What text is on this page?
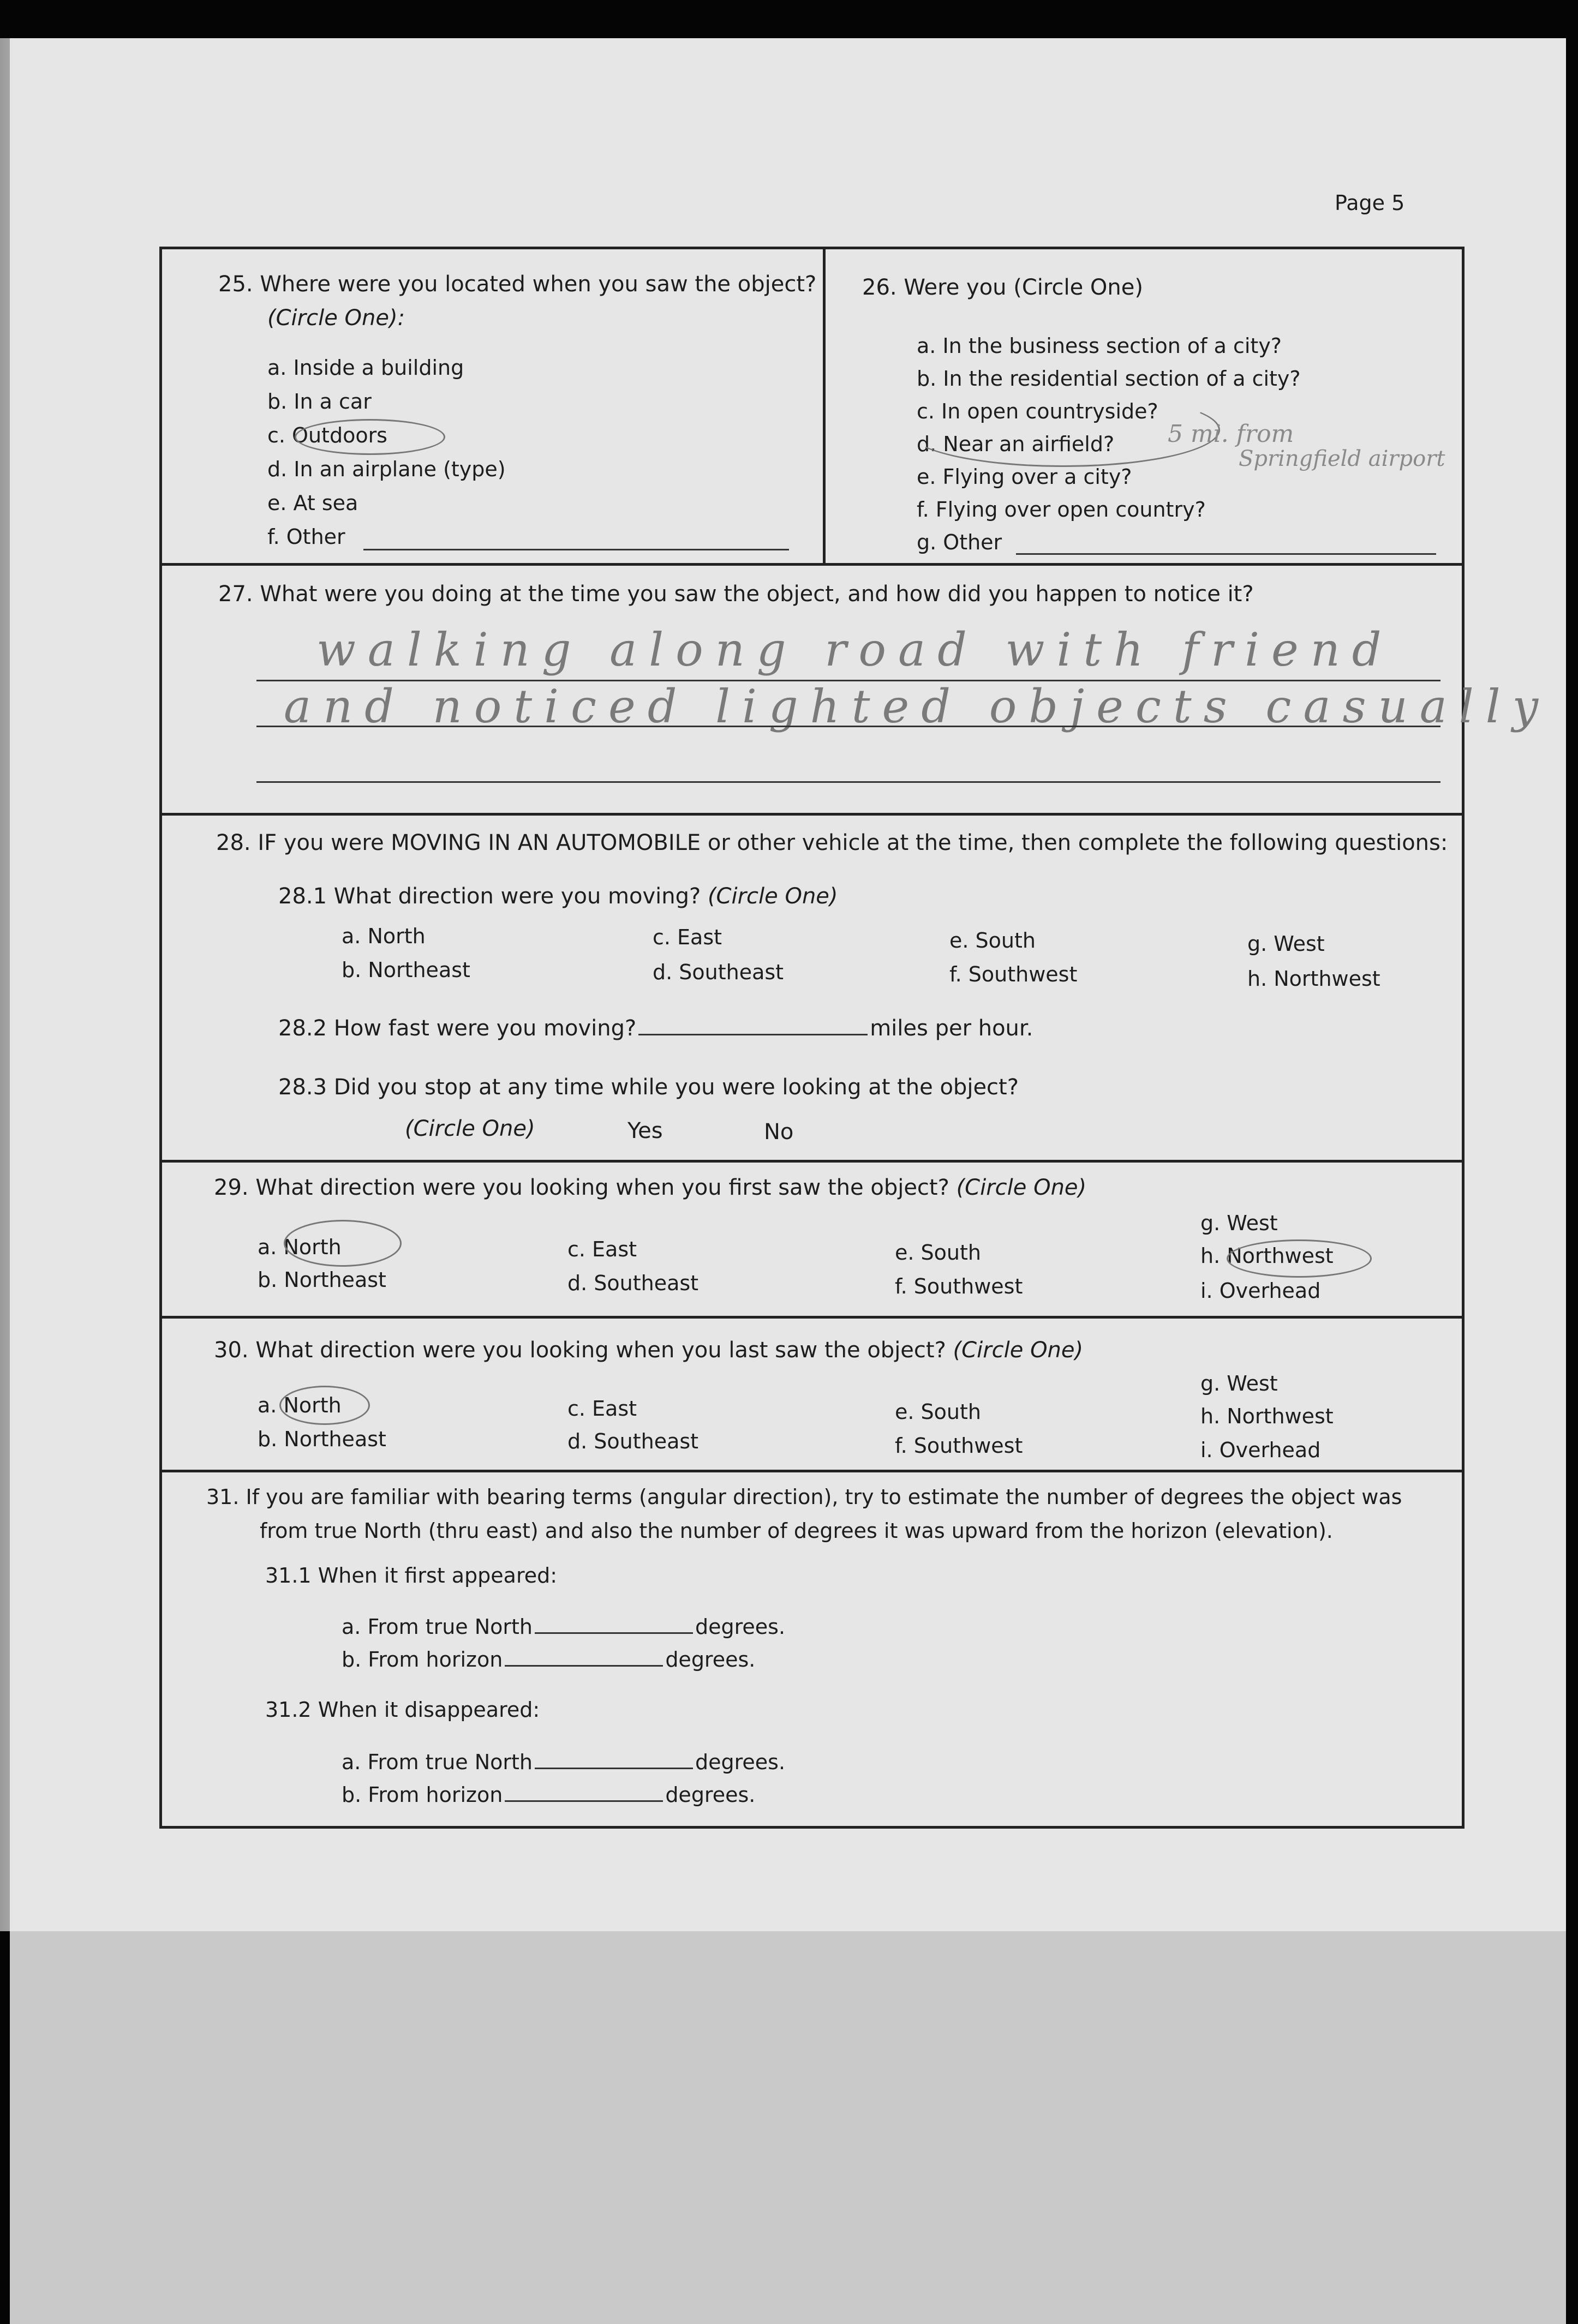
Page 5
25. Where were you located when you saw the object?
(Circle One):
a. Inside a building
b. In a car
c. Outdoors
d. In an airplane (type)
e. At sea
f. Other
26. Were you (Circle One)
a. In the business section of a city?
b. In the residential section of a city?
c. In open countryside?
d. Near an airfield?
e. Flying over a city?
f. Flying over open country?
g. Other
5 mi. from
Springfield airport
27. What were you doing at the time you saw the object, and how did you happen to notice it?
walking along road with friend
and noticed lighted objects casually
28. IF you were MOVING IN AN AUTOMOBILE or other vehicle at the time, then complete the following questions:
28.1 What direction were you moving? (Circle One)
a. North
b. Northeast
c. East
d. Southeast
e. South
f. Southwest
g. West
h. Northwest
28.2 How fast were you moving?	miles per hour.
28.3 Did you stop at any time while you were looking at the object?
(Circle One)	Yes	No
29. What direction were you looking when you first saw the object? (Circle One)
a. North
b. Northeast
c. East
d. Southeast
e. South
f. Southwest
g. West
h. Northwest
i. Overhead
30. What direction were you looking when you last saw the object? (Circle One)
a. North
b. Northeast
c. East
d. Southeast
e. South
f. Southwest
g. West
h. Northwest
i. Overhead
31. If you are familiar with bearing terms (angular direction), try to estimate the number of degrees the object was
from true North (thru east) and also the number of degrees it was upward from the horizon (elevation).
31.1 When it first appeared:
a. From true North	degrees.
b. From horizon	degrees.
31.2 When it disappeared:
a. From true North	degrees.
b. From horizon	degrees.
